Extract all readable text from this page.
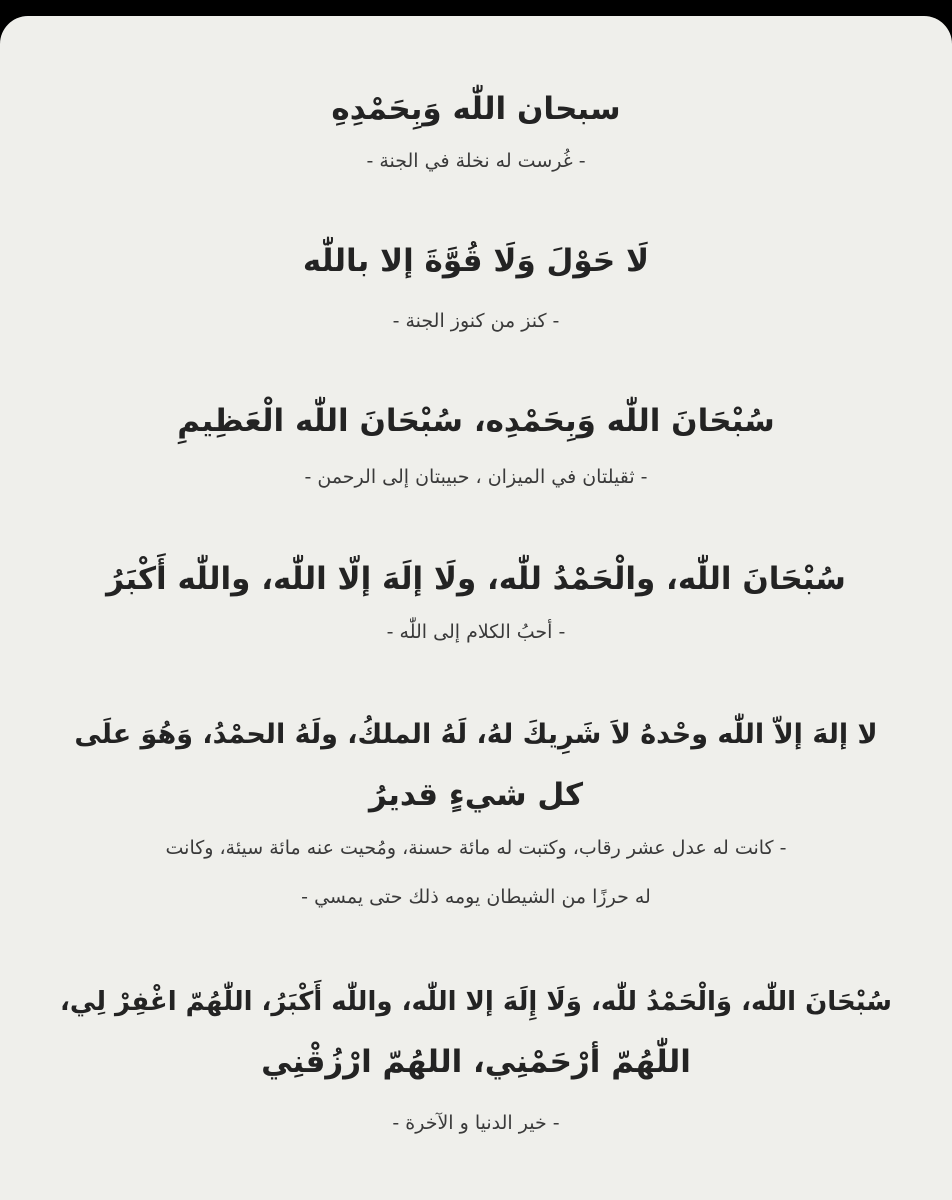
سبحان اللّٰه وَبِحَمْدِهِ
- غُرست له نخلة في الجنة -
لَا حَوْلَ وَلَا قُوَّةَ إلا باللّٰه
- كنز من كنوز الجنة -
سُبْحَانَ اللّٰه وَبِحَمْدِه، سُبْحَانَ اللّٰه الْعَظِيمِ
- ثقيلتان في الميزان ، حبيبتان إلى الرحمن -
سُبْحَانَ اللّٰه، والْحَمْدُ للّٰه، ولَا إلَهَ إلّا اللّٰه، واللّٰه أَكْبَرُ
- أحبُ الكلام إلى اللّٰه -
لا إلهَ إلاّ اللّٰه وحْدهُ لاَ شَرِيكَ لهُ، لَهُ الملكُ، ولَهُ الحمْدُ، وَهُوَ علَى
كل شيءٍ قديرُ
- كانت له عدل عشر رقاب، وكتبت له مائة حسنة، ومُحيت عنه مائة سيئة، وكانت
له حرزًا من الشيطان يومه ذلك حتى يمسي -
سُبْحَانَ اللّٰه، وَالْحَمْدُ للّٰه، وَلَا إِلَهَ إلا اللّٰه، واللّٰه أَكْبَرُ، اللّٰهُمّ اغْفِرْ لِي،
اللّٰهُمّ أرْحَمْنِي، اللهُمّ ارْزُقْنِي
- خير الدنيا و الآخرة -
